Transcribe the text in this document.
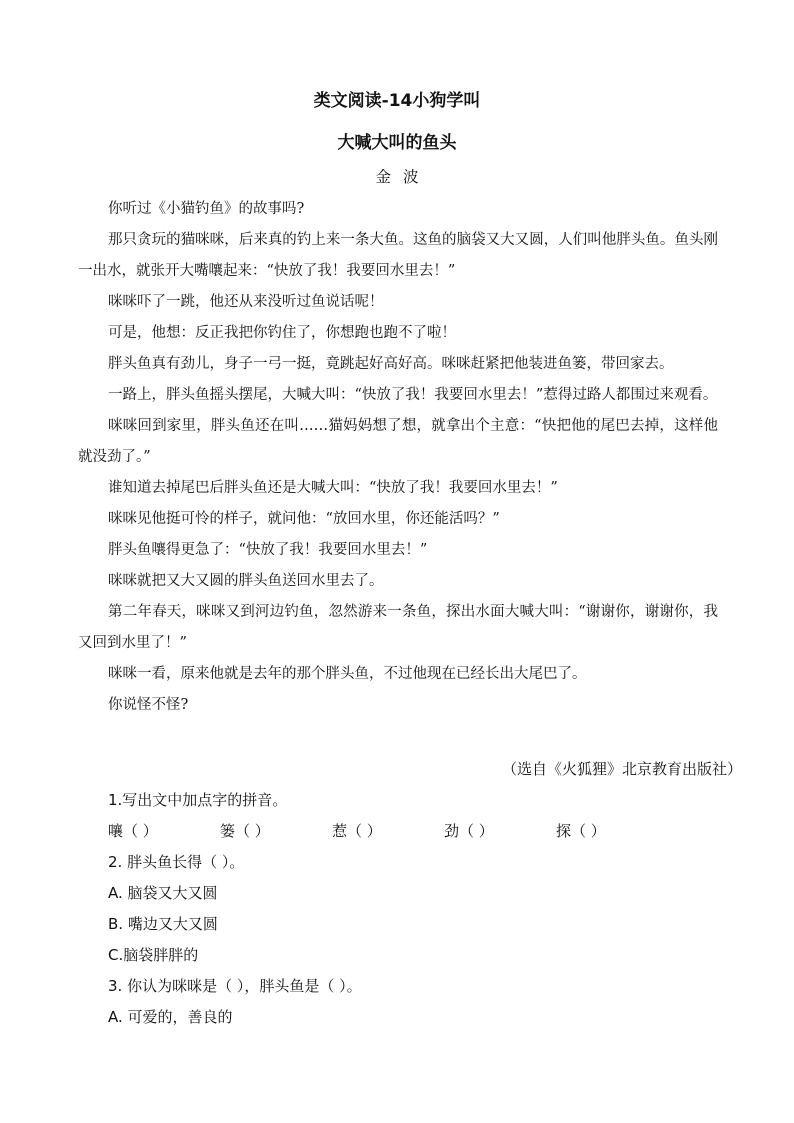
类文阅读-14小狗学叫
大喊大叫的鱼头
金波

你听过《小猫钓鱼》的故事吗?

那只贪玩的猫咪咪，后来真的钓上来一条大鱼。这鱼的脑袋又大又圆，人们叫他胖头鱼。鱼头刚一出水，就张开大嘴嚷起来：“快放了我！我要回水里去！”

咪咪吓了一跳，他还从来没听过鱼说话呢！

可是，他想：反正我把你钓住了，你想跑也跑不了啦！

胖头鱼真有劲儿，身子一弓一挺，竟跳起好高好高。咪咪赶紧把他装进鱼篓，带回家去。

一路上，胖头鱼摇头摆尾，大喊大叫：“快放了我！我要回水里去！”惹得过路人都围过来观看。

咪咪回到家里，胖头鱼还在叫……猫妈妈想了想，就拿出个主意：“快把他的尾巴去掉，这样他就没劲了。”

谁知道去掉尾巴后胖头鱼还是大喊大叫：“快放了我！我要回水里去！”

咪咪见他挺可怜的样子，就问他：“放回水里，你还能活吗？”

胖头鱼嚷得更急了：“快放了我！我要回水里去！”

咪咪就把又大又圆的胖头鱼送回水里去了。

第二年春天，咪咪又到河边钓鱼，忽然游来一条鱼，探出水面大喊大叫：“谢谢你，谢谢你，我又回到水里了！”

咪咪一看，原来他就是去年的那个胖头鱼，不过他现在已经长出大尾巴了。

你说怪不怪?

（选自《火狐狸》北京教育出版社）
1.写出文中加点字的拼音。
嚷（ ）	篓（ ）	惹（ ）	劲（ ）	探（ ）
2. 胖头鱼长得（ ）。
A. 脑袋又大又圆
B. 嘴边又大又圆
C.脑袋胖胖的
3. 你认为咪咪是（ ），胖头鱼是（ ）。
A. 可爱的，善良的
